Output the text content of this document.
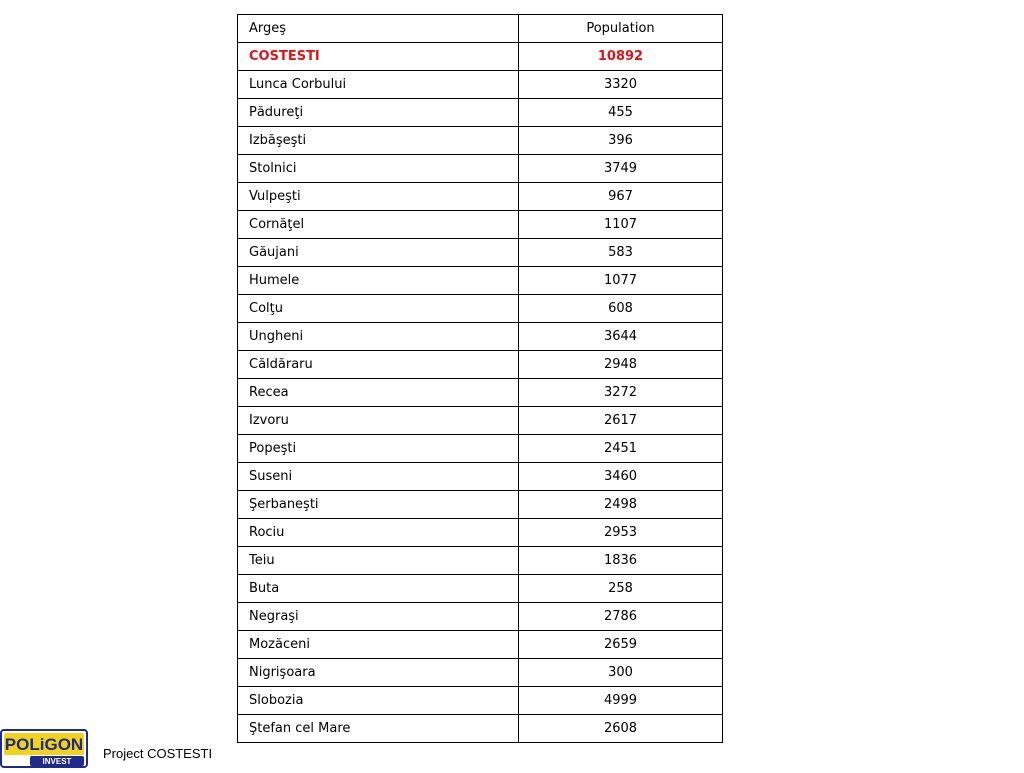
Argeş	Population
COSTESTI	10892
Lunca Corbului	3320
Pădureţi	455
Izbăşeşti	396
Stolnici	3749
Vulpeşti	967
Cornăţel	1107
Găujani	583
Humele	1077
Colţu	608
Ungheni	3644
Căldăraru	2948
Recea	3272
Izvoru	2617
Popeşti	2451
Suseni	3460
Şerbaneşti	2498
Rociu	2953
Teiu	1836
Buta	258
Negraşi	2786
Mozăceni	2659
Nigrişoara	300
Slobozia	4999
Ştefan cel Mare	2608
POLiGON
INVEST
Project COSTESTI
